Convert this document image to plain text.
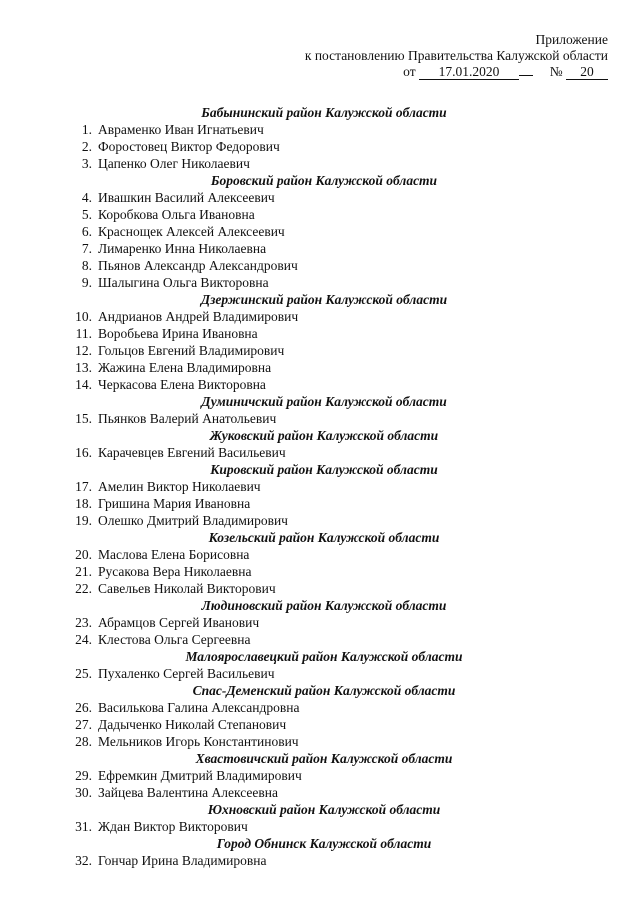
Приложение
к постановлению Правительства Калужской области
от 17.01.2020	№ 20
Бабынинский район Калужской области
1. Авраменко Иван Игнатьевич
2. Форостовец Виктор Федорович
3. Цапенко Олег Николаевич
Боровский район Калужской области
4. Ивашкин Василий Алексеевич
5. Коробкова Ольга Ивановна
6. Краснощек Алексей Алексеевич
7. Лимаренко Инна Николаевна
8. Пьянов Александр Александрович
9. Шалыгина Ольга Викторовна
Дзержинский район Калужской области
10. Андрианов Андрей Владимирович
11. Воробьева Ирина Ивановна
12. Гольцов Евгений Владимирович
13. Жажина Елена Владимировна
14. Черкасова Елена Викторовна
Думиничский район Калужской области
15. Пьянков Валерий Анатольевич
Жуковский район Калужской области
16. Карачевцев Евгений Васильевич
Кировский район Калужской области
17. Амелин Виктор Николаевич
18. Гришина Мария Ивановна
19. Олешко Дмитрий Владимирович
Козельский район Калужской области
20. Маслова Елена Борисовна
21. Русакова Вера Николаевна
22. Савельев Николай Викторович
Людиновский район Калужской области
23. Абрамцов Сергей Иванович
24. Клестова Ольга Сергеевна
Малоярославецкий район Калужской области
25. Пухаленко Сергей Васильевич
Спас-Деменский район Калужской области
26. Василькова Галина Александровна
27. Дадыченко Николай Степанович
28. Мельников Игорь Константинович
Хвастовичский район Калужской области
29. Ефремкин Дмитрий Владимирович
30. Зайцева Валентина Алексеевна
Юхновский район Калужской области
31. Ждан Виктор Викторович
Город Обнинск Калужской области
32. Гончар Ирина Владимировна
